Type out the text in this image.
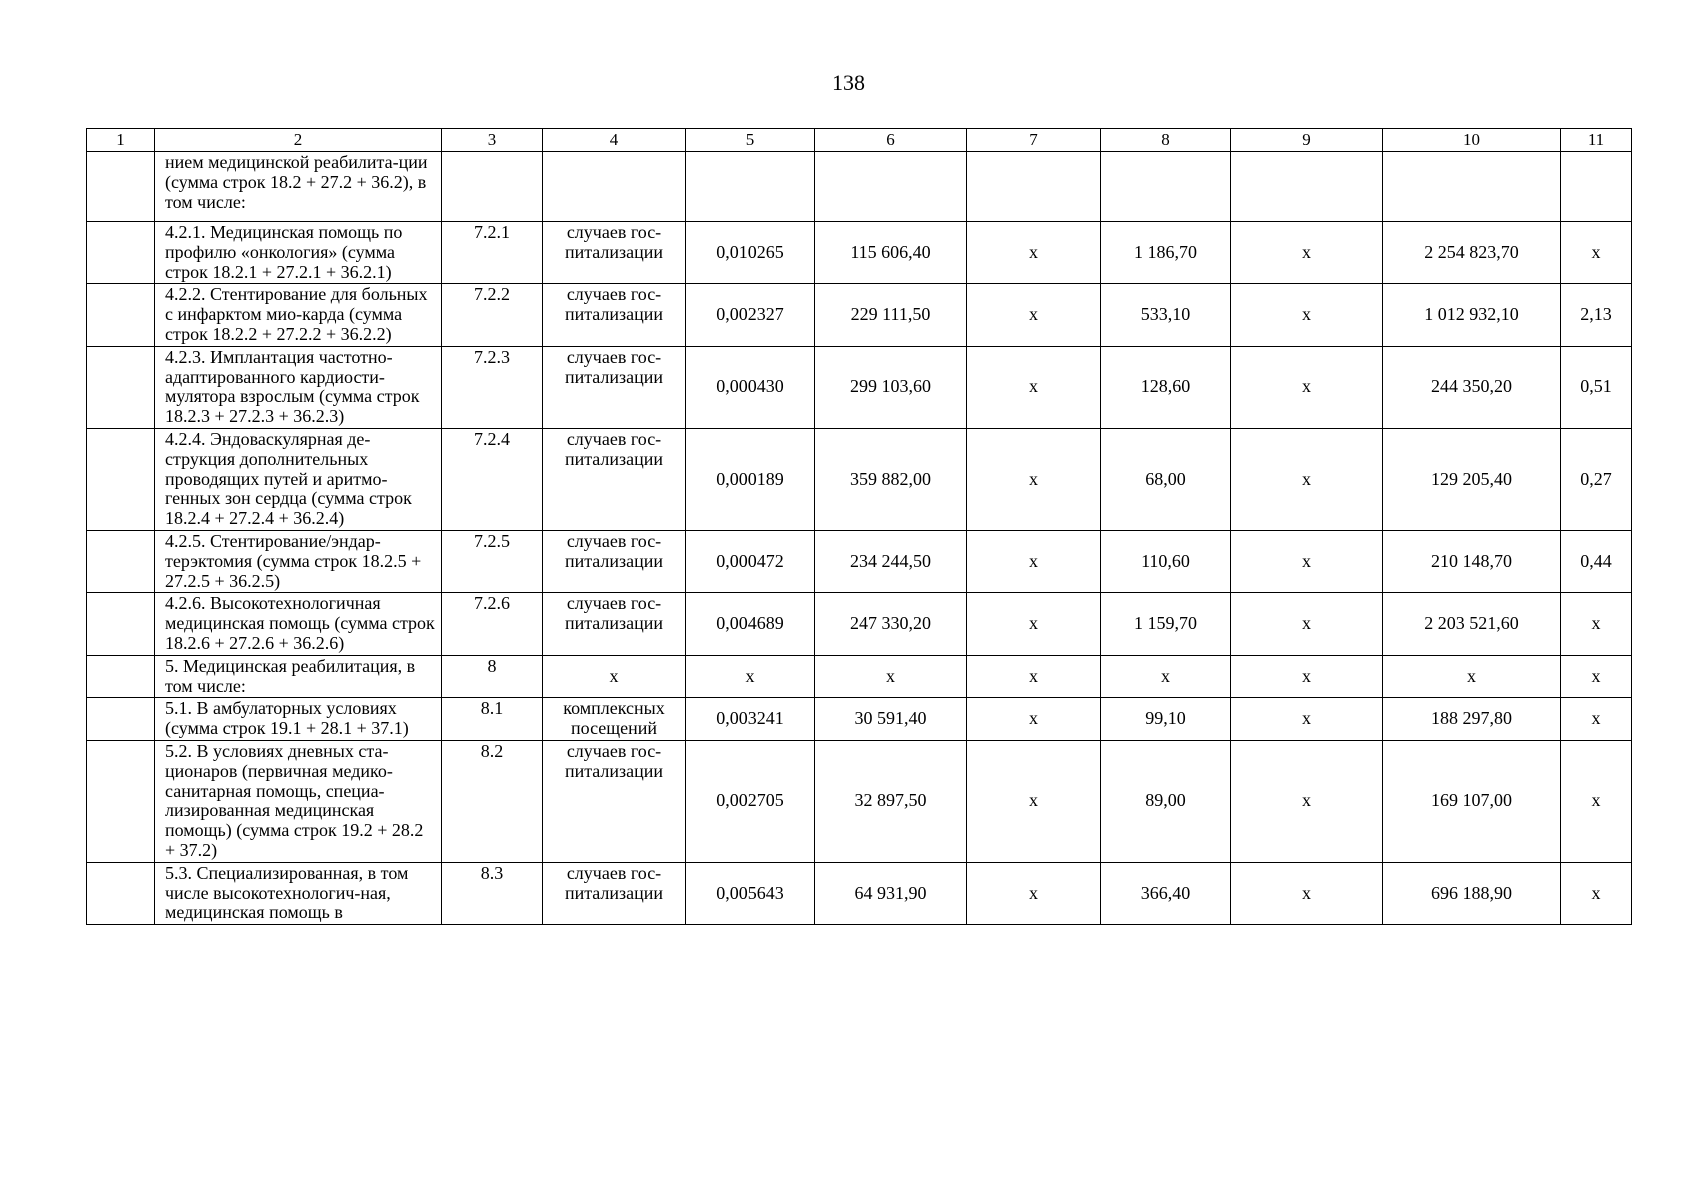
138
1	2	3	4	5	6	7	8	9	10	11
	нием медицинской реабилита-ции (сумма строк 18.2 + 27.2 + 36.2), в том числе:									
	4.2.1. Медицинская помощь по профилю «онкология» (сумма строк 18.2.1 + 27.2.1 + 36.2.1)	7.2.1	случаев гос-питализации	0,010265	115 606,40	х	1 186,70	х	2 254 823,70	х
	4.2.2. Стентирование для больных с инфарктом мио-карда (сумма строк 18.2.2 + 27.2.2 + 36.2.2)	7.2.2	случаев гос-питализации	0,002327	229 111,50	х	533,10	х	1 012 932,10	2,13
	4.2.3. Имплантация частотно-адаптированного кардиости-мулятора взрослым (сумма строк 18.2.3 + 27.2.3 + 36.2.3)	7.2.3	случаев гос-питализации	0,000430	299 103,60	х	128,60	х	244 350,20	0,51
	4.2.4. Эндоваскулярная де-струкция дополнительных проводящих путей и аритмо-генных зон сердца (сумма строк 18.2.4 + 27.2.4 + 36.2.4)	7.2.4	случаев гос-питализации	0,000189	359 882,00	х	68,00	х	129 205,40	0,27
	4.2.5. Стентирование/эндар-терэктомия (сумма строк 18.2.5 + 27.2.5 + 36.2.5)	7.2.5	случаев гос-питализации	0,000472	234 244,50	х	110,60	х	210 148,70	0,44
	4.2.6. Высокотехнологичная медицинская помощь (сумма строк 18.2.6 + 27.2.6 + 36.2.6)	7.2.6	случаев гос-питализации	0,004689	247 330,20	х	1 159,70	х	2 203 521,60	х
	5. Медицинская реабилитация, в том числе:	8	х	х	х	х	х	х	х	х
	5.1. В амбулаторных условиях (сумма строк 19.1 + 28.1 + 37.1)	8.1	комплексных посещений	0,003241	30 591,40	х	99,10	х	188 297,80	х
	5.2. В условиях дневных ста-ционаров (первичная медико-санитарная помощь, специа-лизированная медицинская помощь) (сумма строк 19.2 + 28.2 + 37.2)	8.2	случаев гос-питализации	0,002705	32 897,50	х	89,00	х	169 107,00	х
	5.3. Специализированная, в том числе высокотехнологич-ная, медицинская помощь в	8.3	случаев гос-питализации	0,005643	64 931,90	х	366,40	х	696 188,90	х
